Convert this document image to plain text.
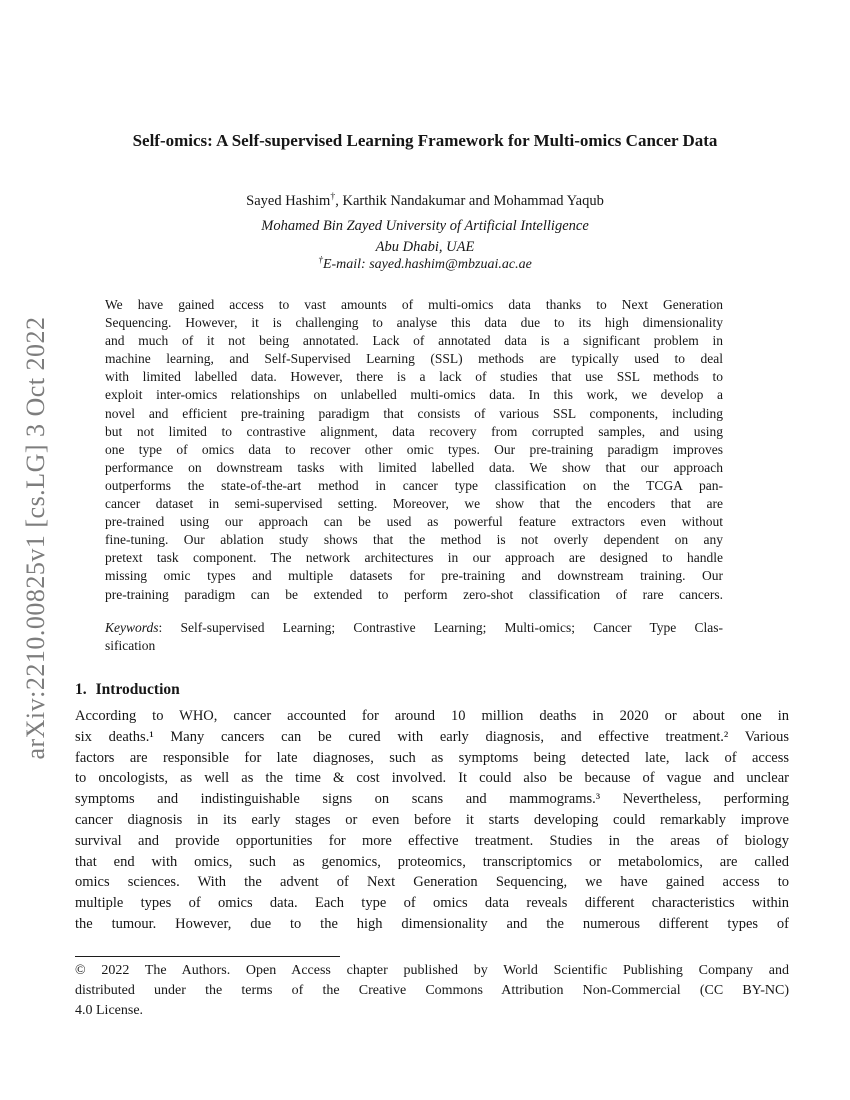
arXiv:2210.00825v1 [cs.LG] 3 Oct 2022
Self-omics: A Self-supervised Learning Framework for Multi-omics Cancer Data
Sayed Hashim†, Karthik Nandakumar and Mohammad Yaqub
Mohamed Bin Zayed University of Artificial Intelligence
Abu Dhabi, UAE
†E-mail: sayed.hashim@mbzuai.ac.ae
We have gained access to vast amounts of multi-omics data thanks to Next Generation
Sequencing. However, it is challenging to analyse this data due to its high dimensionality
and much of it not being annotated. Lack of annotated data is a significant problem in
machine learning, and Self-Supervised Learning (SSL) methods are typically used to deal
with limited labelled data. However, there is a lack of studies that use SSL methods to
exploit inter-omics relationships on unlabelled multi-omics data. In this work, we develop a
novel and efficient pre-training paradigm that consists of various SSL components, including
but not limited to contrastive alignment, data recovery from corrupted samples, and using
one type of omics data to recover other omic types. Our pre-training paradigm improves
performance on downstream tasks with limited labelled data. We show that our approach
outperforms the state-of-the-art method in cancer type classification on the TCGA pan-
cancer dataset in semi-supervised setting. Moreover, we show that the encoders that are
pre-trained using our approach can be used as powerful feature extractors even without
fine-tuning. Our ablation study shows that the method is not overly dependent on any
pretext task component. The network architectures in our approach are designed to handle
missing omic types and multiple datasets for pre-training and downstream training. Our
pre-training paradigm can be extended to perform zero-shot classification of rare cancers.
Keywords: Self-supervised Learning; Contrastive Learning; Multi-omics; Cancer Type Clas-
sification
1. Introduction
According to WHO, cancer accounted for around 10 million deaths in 2020 or about one in
six deaths.¹ Many cancers can be cured with early diagnosis, and effective treatment.² Various
factors are responsible for late diagnoses, such as symptoms being detected late, lack of access
to oncologists, as well as the time & cost involved. It could also be because of vague and unclear
symptoms and indistinguishable signs on scans and mammograms.³ Nevertheless, performing
cancer diagnosis in its early stages or even before it starts developing could remarkably improve
survival and provide opportunities for more effective treatment. Studies in the areas of biology
that end with omics, such as genomics, proteomics, transcriptomics or metabolomics, are called
omics sciences. With the advent of Next Generation Sequencing, we have gained access to
multiple types of omics data. Each type of omics data reveals different characteristics within
the tumour. However, due to the high dimensionality and the numerous different types of
© 2022 The Authors. Open Access chapter published by World Scientific Publishing Company and
distributed under the terms of the Creative Commons Attribution Non-Commercial (CC BY-NC)
4.0 License.
